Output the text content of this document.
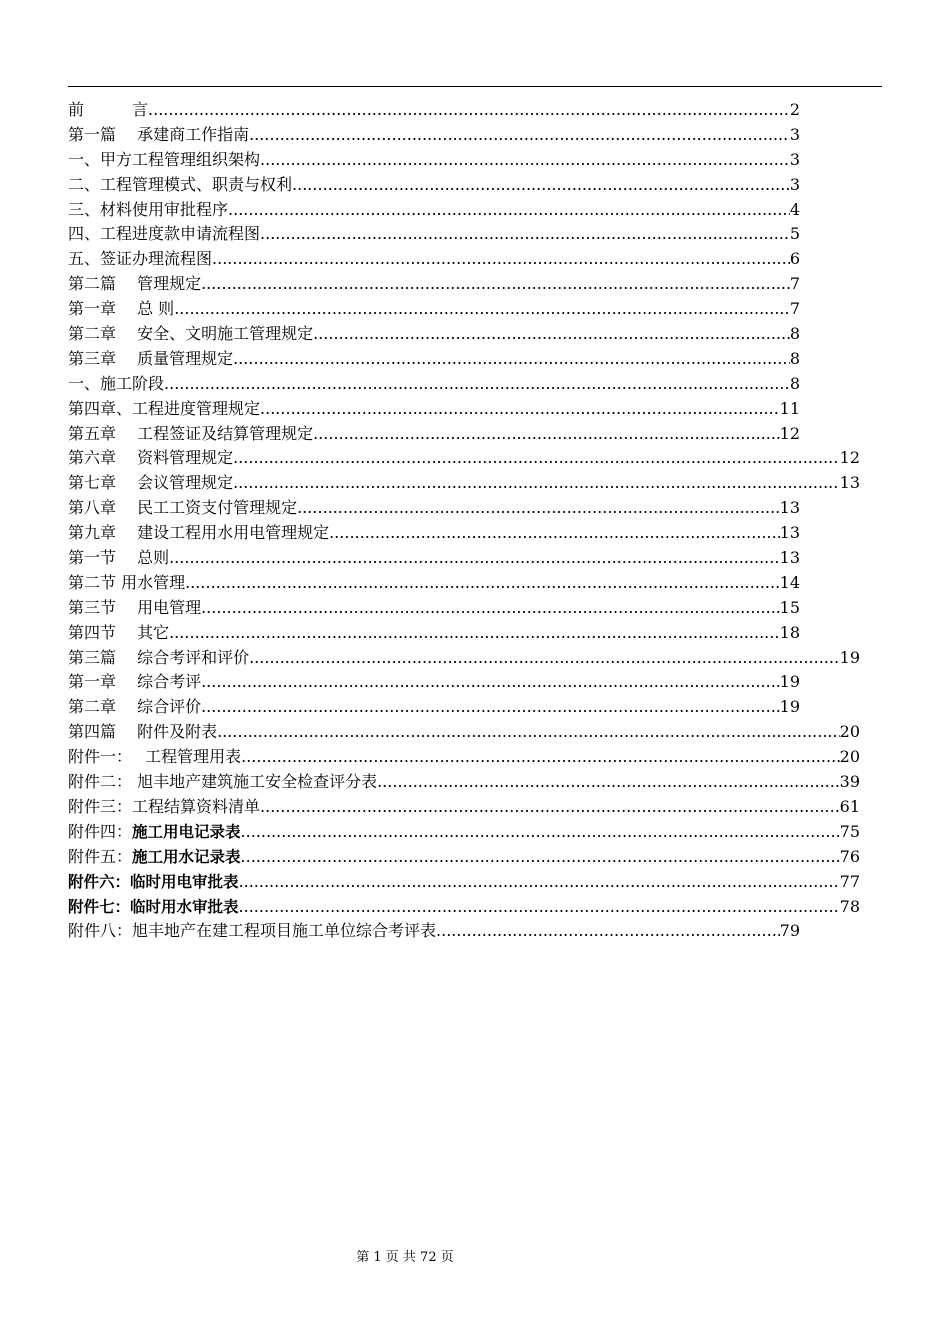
前　　　言 .....	2
第一篇　 承建商工作指南 .....	3
一、甲方工程管理组织架构 .....	3
二、工程管理模式、职责与权利 .....	3
三、材料使用审批程序 .....	4
四、工程进度款申请流程图 .....	5
五、签证办理流程图 .....	6
第二篇　 管理规定 .....	7
第一章　 总 则 .....	7
第二章　 安全、文明施工管理规定 .....	8
第三章　 质量管理规定 .....	8
一、施工阶段 .....	8
第四章、工程进度管理规定 .....	11
第五章　 工程签证及结算管理规定 .....	12
第六章　 资料管理规定 .....	12
第七章　 会议管理规定 .....	13
第八章　 民工工资支付管理规定 .....	13
第九章　 建设工程用水用电管理规定 .....	13
第一节　 总则 .....	13
第二节 用水管理 .....	14
第三节　 用电管理 .....	15
第四节　 其它 .....	18
第三篇　 综合考评和评价 .....	19
第一章　 综合考评 .....	19
第二章　 综合评价 .....	19
第四篇　 附件及附表 .....	20
附件一：　 工程管理用表 .....	20
附件二： 旭丰地产建筑施工安全检查评分表 .....	39
附件三：工程结算资料清单 .....	61
附件四：施工用电记录表 .....	75
附件五：施工用水记录表 .....	76
附件六：临时用电审批表 .....	77
附件七：临时用水审批表 .....	78
附件八：旭丰地产在建工程项目施工单位综合考评表 .....	79
第 1 页 共 72 页
